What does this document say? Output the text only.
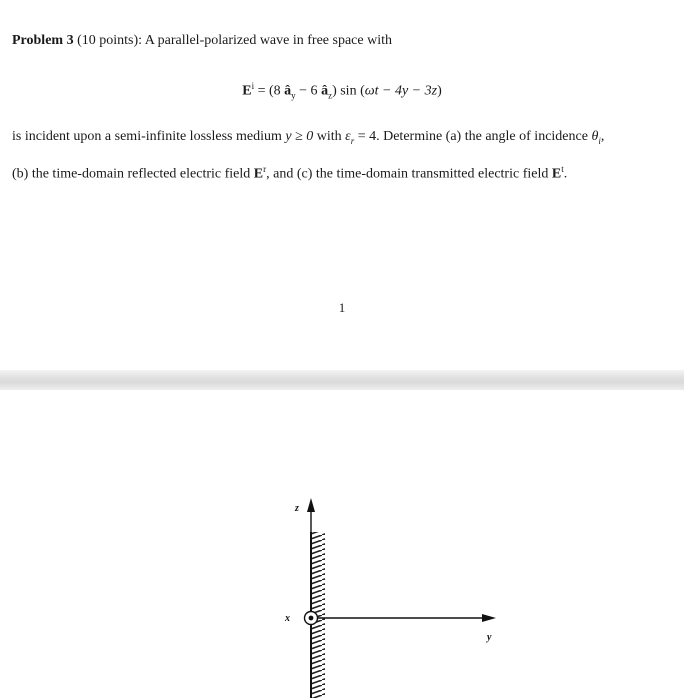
Problem 3 (10 points): A parallel-polarized wave in free space with
$E^i = (8$ $â_y - 6$ $â_z$) sin (ωt − 4y − 3z)
is incident upon a semi-infinite lossless medium y ≥ 0 with $\varepsilon_r = 4$. Determine (a) the angle of incidence $\theta_i$,
(b) the time-domain reflected electric field $E^r$, and (c) the time-domain transmitted electric field $E^t$.
1
z
x
y
